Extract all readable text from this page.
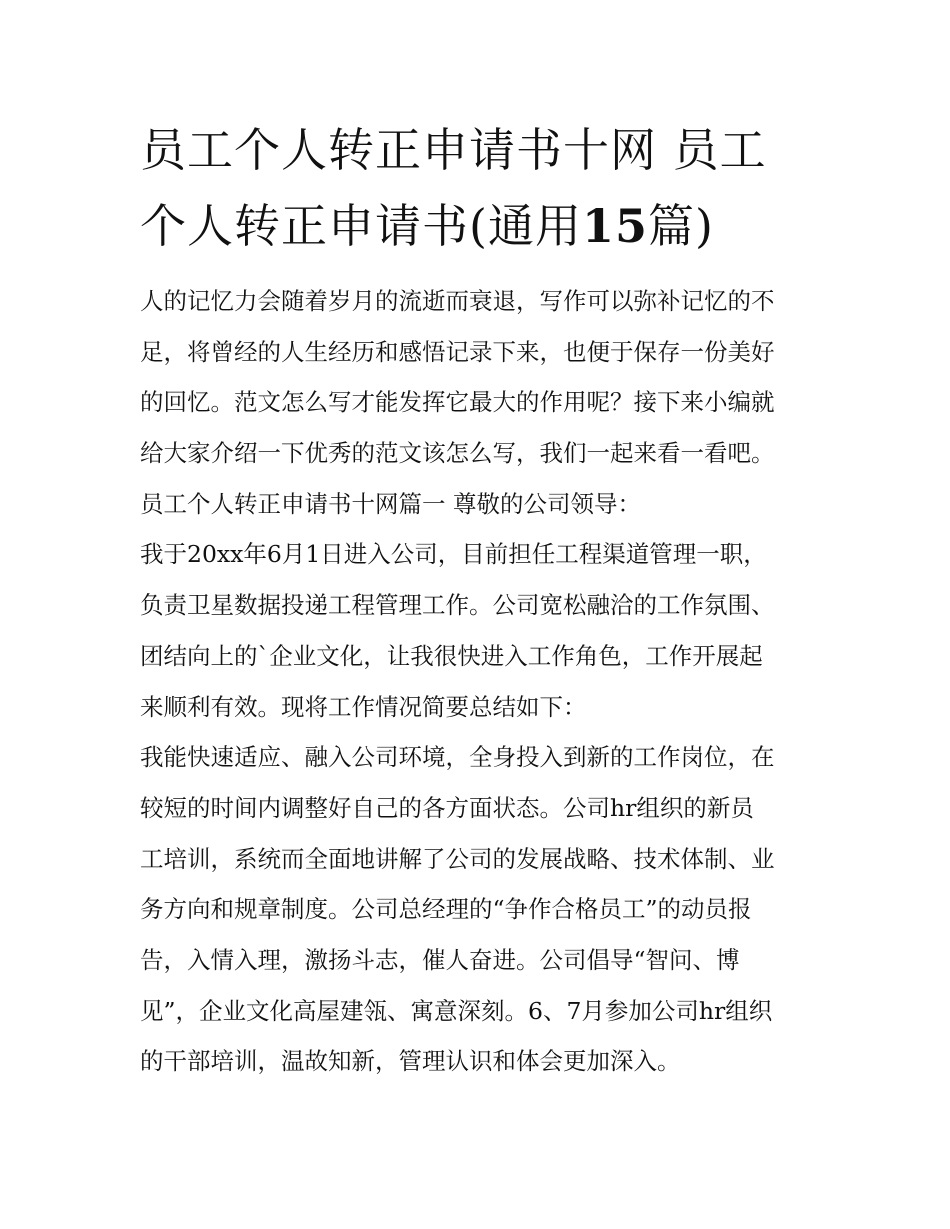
员工个人转正申请书十网 员工
个人转正申请书(通用15篇)
人的记忆力会随着岁月的流逝而衰退，写作可以弥补记忆的不
足，将曾经的人生经历和感悟记录下来，也便于保存一份美好
的回忆。范文怎么写才能发挥它最大的作用呢？接下来小编就
给大家介绍一下优秀的范文该怎么写，我们一起来看一看吧。
员工个人转正申请书十网篇一 尊敬的公司领导：
我于20xx年6月1日进入公司，目前担任工程渠道管理一职，
负责卫星数据投递工程管理工作。公司宽松融洽的工作氛围、
团结向上的`企业文化，让我很快进入工作角色，工作开展起
来顺利有效。现将工作情况简要总结如下：
我能快速适应、融入公司环境，全身投入到新的工作岗位，在
较短的时间内调整好自己的各方面状态。公司hr组织的新员
工培训，系统而全面地讲解了公司的发展战略、技术体制、业
务方向和规章制度。公司总经理的“争作合格员工”的动员报
告，入情入理，激扬斗志，催人奋进。公司倡导“智问、博
见”，企业文化高屋建瓴、寓意深刻。6、7月参加公司hr组织
的干部培训，温故知新，管理认识和体会更加深入。
